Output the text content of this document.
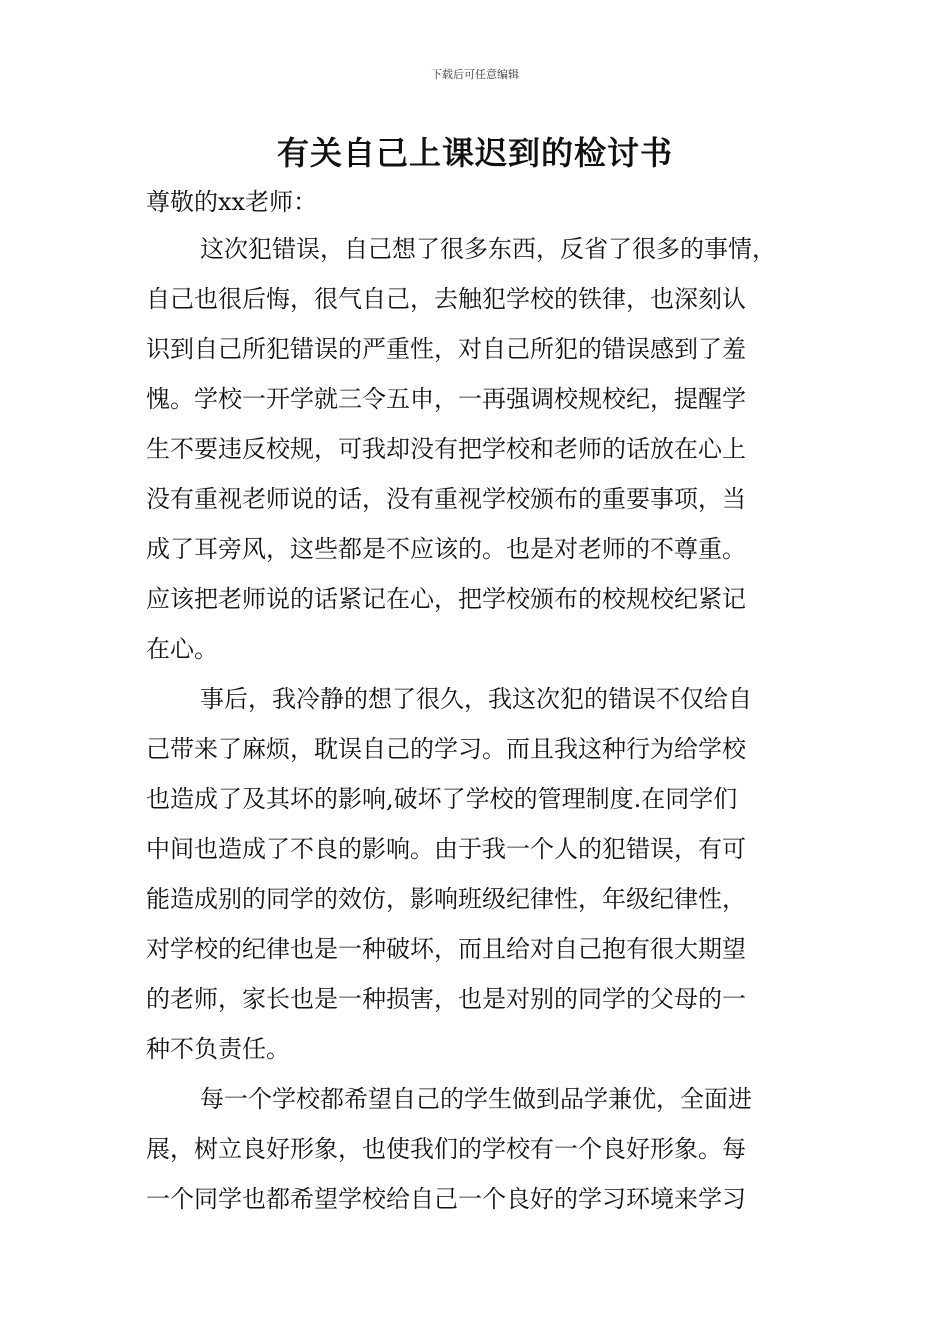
下载后可任意编辑
有关自己上课迟到的检讨书

尊敬的xx老师：

这次犯错误，自己想了很多东西，反省了很多的事情，
自己也很后悔，很气自己，去触犯学校的铁律，也深刻认
识到自己所犯错误的严重性，对自己所犯的错误感到了羞
愧。学校一开学就三令五申，一再强调校规校纪，提醒学
生不要违反校规，可我却没有把学校和老师的话放在心上
没有重视老师说的话，没有重视学校颁布的重要事项，当
成了耳旁风，这些都是不应该的。也是对老师的不尊重。
应该把老师说的话紧记在心，把学校颁布的校规校纪紧记
在心。
事后，我冷静的想了很久，我这次犯的错误不仅给自
己带来了麻烦，耽误自己的学习。而且我这种行为给学校
也造成了及其坏的影响,破坏了学校的管理制度.在同学们
中间也造成了不良的影响。由于我一个人的犯错误，有可
能造成别的同学的效仿，影响班级纪律性，年级纪律性，
对学校的纪律也是一种破坏，而且给对自己抱有很大期望
的老师，家长也是一种损害，也是对别的同学的父母的一
种不负责任。
每一个学校都希望自己的学生做到品学兼优，全面进
展，树立良好形象，也使我们的学校有一个良好形象。每
一个同学也都希望学校给自己一个良好的学习环境来学习
